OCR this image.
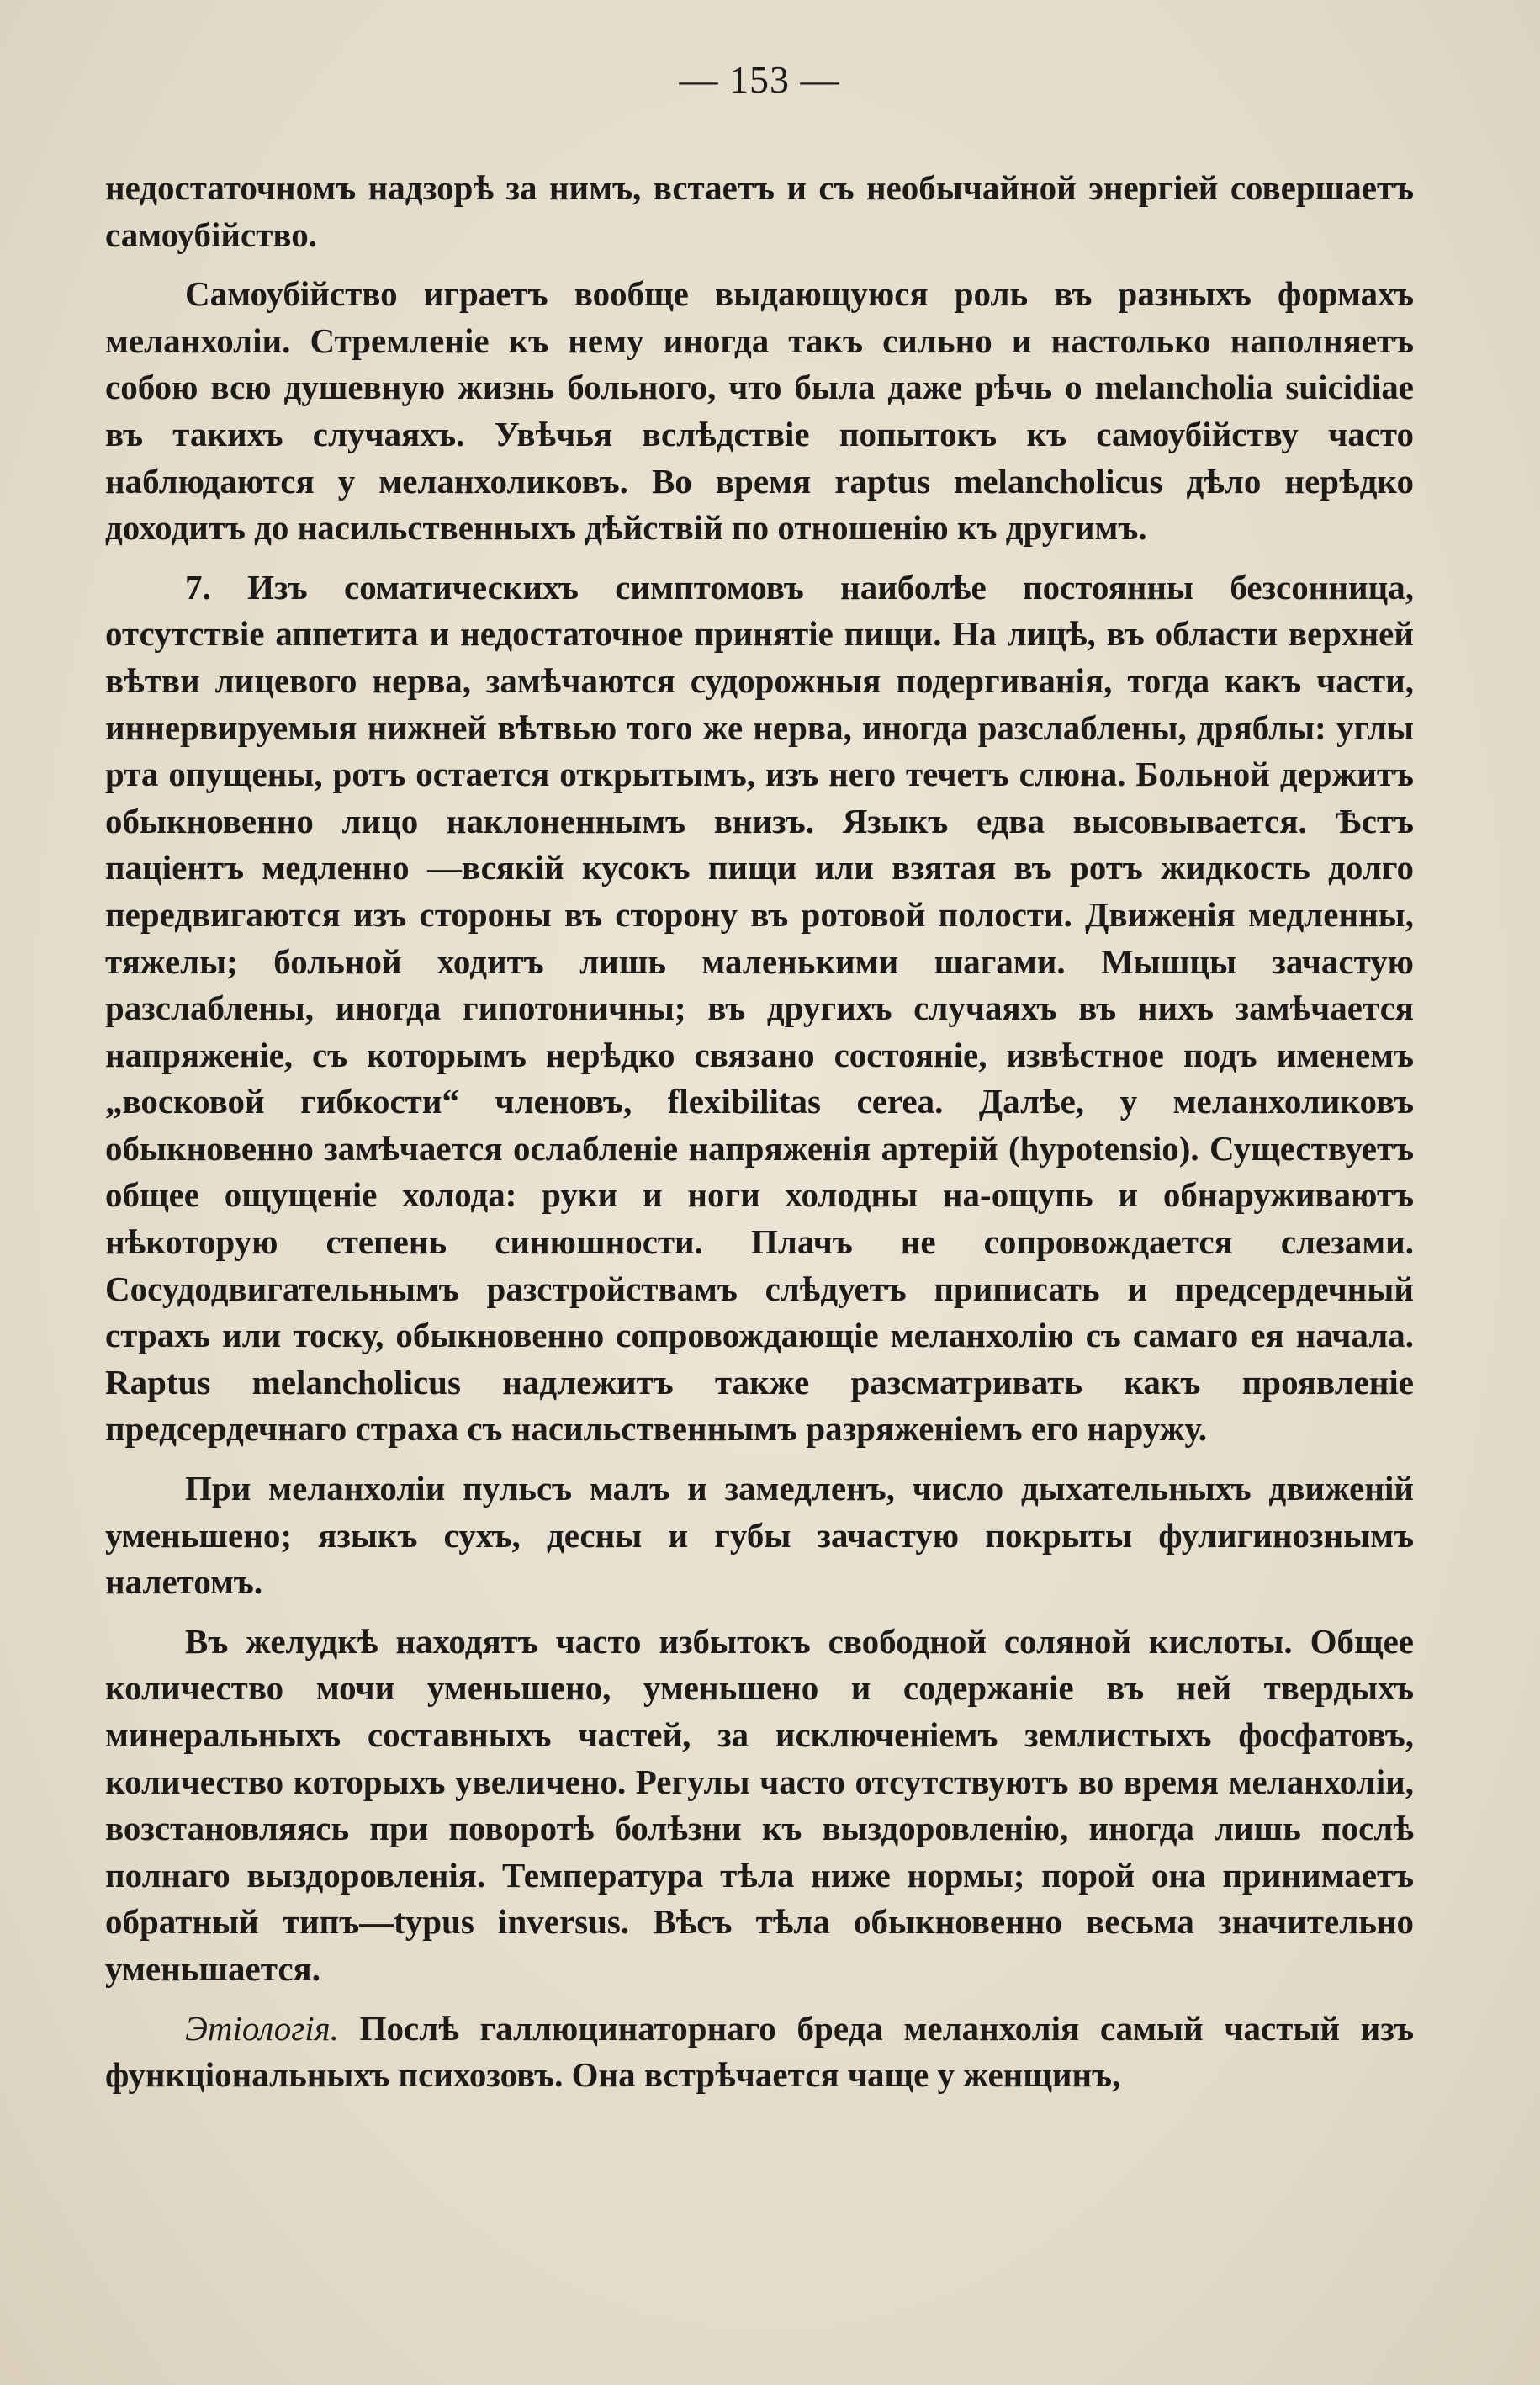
— 153 —

недостаточномъ надзорѣ за нимъ, встаетъ и съ необычайной энергіей совершаетъ самоубійство.

Самоубійство играетъ вообще выдающуюся роль въ разныхъ формахъ меланхоліи. Стремленіе къ нему иногда такъ сильно и настолько наполняетъ собою всю душевную жизнь больного, что была даже рѣчь о melancholia suicidiae въ такихъ случаяхъ. Увѣчья вслѣдствіе попытокъ къ самоубійству часто наблюдаются у меланхоликовъ. Во время raptus melancholicus дѣло нерѣдко доходитъ до насильственныхъ дѣйствій по отношенію къ другимъ.

7. Изъ соматическихъ симптомовъ наиболѣе постоянны безсонница, отсутствіе аппетита и недостаточное принятіе пищи. На лицѣ, въ области верхней вѣтви лицевого нерва, замѣчаются судорожныя подергиванія, тогда какъ части, иннервируемыя нижней вѣтвью того же нерва, иногда разслаблены, дряблы: углы рта опущены, ротъ остается открытымъ, изъ него течетъ слюна. Больной держитъ обыкновенно лицо наклоненнымъ внизъ. Языкъ едва высовывается. Ѣстъ паціентъ медленно —всякій кусокъ пищи или взятая въ ротъ жидкость долго передвигаются изъ стороны въ сторону въ ротовой полости. Движенія медленны, тяжелы; больной ходитъ лишь маленькими шагами. Мышцы зачастую разслаблены, иногда гипотоничны; въ другихъ случаяхъ въ нихъ замѣчается напряженіе, съ которымъ нерѣдко связано состояніе, извѣстное подъ именемъ „восковой гибкости“ членовъ, flexibilitas cerea. Далѣе, у меланхоликовъ обыкновенно замѣчается ослабленіе напряженія артерій (hypotensio). Существуетъ общее ощущеніе холода: руки и ноги холодны на-ощупь и обнаруживаютъ нѣкоторую степень синюшности. Плачъ не сопровождается слезами. Сосудодвигательнымъ разстройствамъ слѣдуетъ приписать и предсердечный страхъ или тоску, обыкновенно сопровождающіе меланхолію съ самаго ея начала. Raptus melancholicus надлежитъ также разсматривать какъ проявленіе предсердечнаго страха съ насильственнымъ разряженіемъ его наружу.

При меланхоліи пульсъ малъ и замедленъ, число дыхательныхъ движеній уменьшено; языкъ сухъ, десны и губы зачастую покрыты фулигинознымъ налетомъ.

Въ желудкѣ находятъ часто избытокъ свободной соляной кислоты. Общее количество мочи уменьшено, уменьшено и содержаніе въ ней твердыхъ минеральныхъ составныхъ частей, за исключеніемъ землистыхъ фосфатовъ, количество которыхъ увеличено. Регулы часто отсутствуютъ во время меланхоліи, возстановляясь при поворотѣ болѣзни къ выздоровленію, иногда лишь послѣ полнаго выздоровленія. Температура тѣла ниже нормы; порой она принимаетъ обратный типъ—typus inversus. Вѣсъ тѣла обыкновенно весьма значительно уменьшается.

Этіологія. Послѣ галлюцинаторнаго бреда меланхолія самый частый изъ функціональныхъ психозовъ. Она встрѣчается чаще у женщинъ,
